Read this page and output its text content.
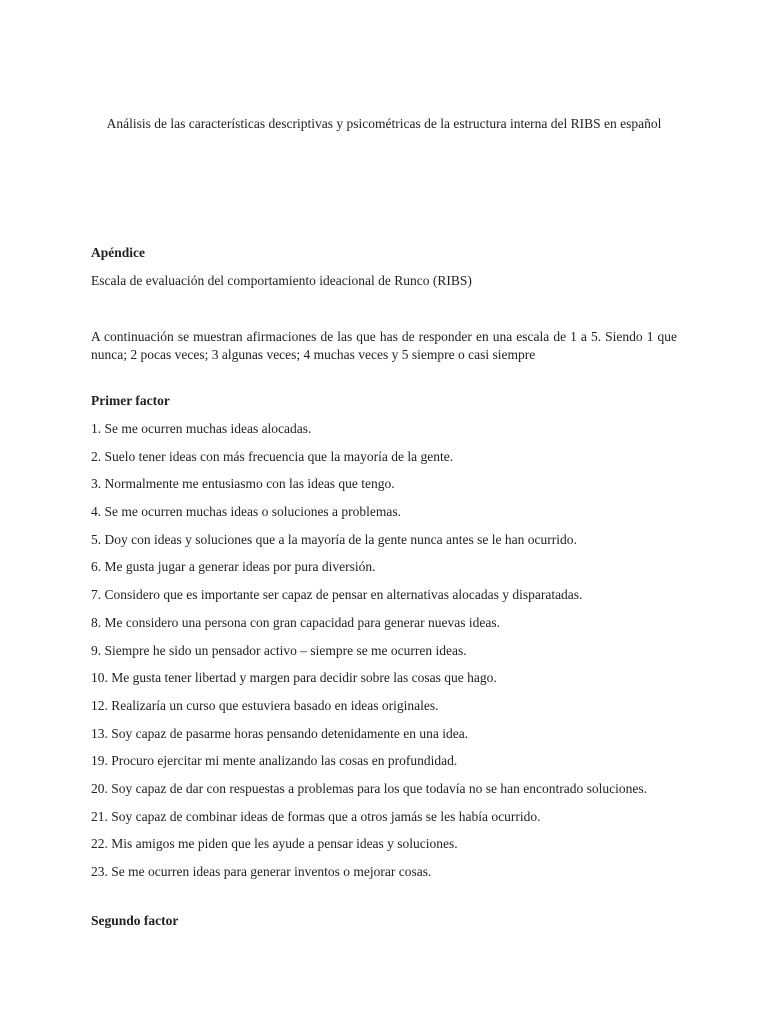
Análisis de las características descriptivas y psicométricas de la estructura interna del RIBS en español

Apéndice

Escala de evaluación del comportamiento ideacional de Runco (RIBS)

A continuación se muestran afirmaciones de las que has de responder en una escala de 1 a 5. Siendo 1 que nunca; 2 pocas veces; 3 algunas veces; 4 muchas veces y 5 siempre o casi siempre

Primer factor

1. Se me ocurren muchas ideas alocadas.
2. Suelo tener ideas con más frecuencia que la mayoría de la gente.
3. Normalmente me entusiasmo con las ideas que tengo.
4. Se me ocurren muchas ideas o soluciones a problemas.
5. Doy con ideas y soluciones que a la mayoría de la gente nunca antes se le han ocurrido.
6. Me gusta jugar a generar ideas por pura diversión.
7. Considero que es importante ser capaz de pensar en alternativas alocadas y disparatadas.
8. Me considero una persona con gran capacidad para generar nuevas ideas.
9. Siempre he sido un pensador activo – siempre se me ocurren ideas.
10. Me gusta tener libertad y margen para decidir sobre las cosas que hago.
12. Realizaría un curso que estuviera basado en ideas originales.
13. Soy capaz de pasarme horas pensando detenidamente en una idea.
19. Procuro ejercitar mi mente analizando las cosas en profundidad.
20. Soy capaz de dar con respuestas a problemas para los que todavía no se han encontrado soluciones.
21. Soy capaz de combinar ideas de formas que a otros jamás se les había ocurrido.
22. Mis amigos me piden que les ayude a pensar ideas y soluciones.
23. Se me ocurren ideas para generar inventos o mejorar cosas.

Segundo factor
